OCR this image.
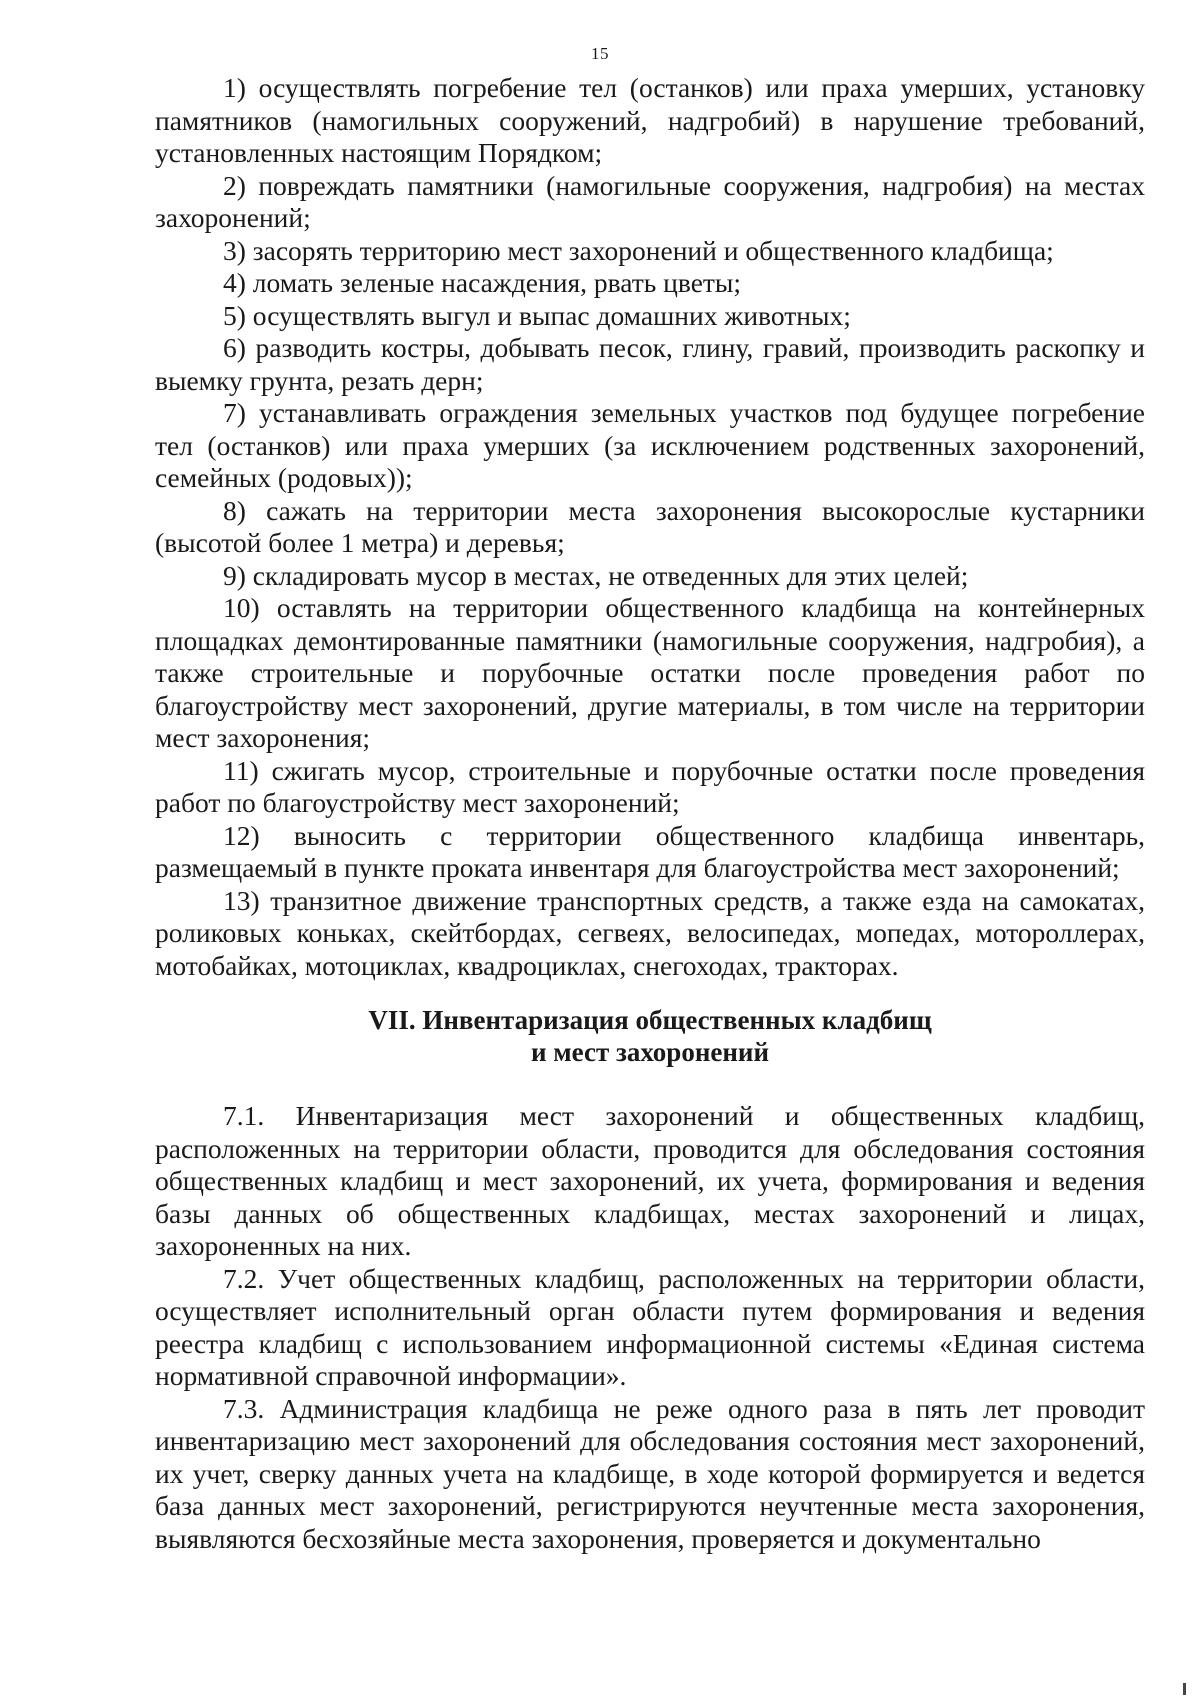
15

1) осуществлять погребение тел (останков) или праха умерших, установку памятников (намогильных сооружений, надгробий) в нарушение требований, установленных настоящим Порядком;

2) повреждать памятники (намогильные сооружения, надгробия) на местах захоронений;

3) засорять территорию мест захоронений и общественного кладбища;

4) ломать зеленые насаждения, рвать цветы;

5) осуществлять выгул и выпас домашних животных;

6) разводить костры, добывать песок, глину, гравий, производить раскопку и выемку грунта, резать дерн;

7) устанавливать ограждения земельных участков под будущее погребение тел (останков) или праха умерших (за исключением родственных захоронений, семейных (родовых));

8) сажать на территории места захоронения высокорослые кустарники (высотой более 1 метра) и деревья;

9) складировать мусор в местах, не отведенных для этих целей;

10) оставлять на территории общественного кладбища на контейнерных площадках демонтированные памятники (намогильные сооружения, надгробия), а также строительные и порубочные остатки после проведения работ по благоустройству мест захоронений, другие материалы, в том числе на территории мест захоронения;

11) сжигать мусор, строительные и порубочные остатки после проведения работ по благоустройству мест захоронений;

12) выносить с территории общественного кладбища инвентарь, размещаемый в пункте проката инвентаря для благоустройства мест захоронений;

13) транзитное движение транспортных средств, а также езда на самокатах, роликовых коньках, скейтбордах, сегвеях, велосипедах, мопедах, мотороллерах, мотобайках, мотоциклах, квадроциклах, снегоходах, тракторах.

VII. Инвентаризация общественных кладбищ
и мест захоронений

7.1. Инвентаризация мест захоронений и общественных кладбищ, расположенных на территории области, проводится для обследования состояния общественных кладбищ и мест захоронений, их учета, формирования и ведения базы данных об общественных кладбищах, местах захоронений и лицах, захороненных на них.

7.2. Учет общественных кладбищ, расположенных на территории области, осуществляет исполнительный орган области путем формирования и ведения реестра кладбищ с использованием информационной системы «Единая система нормативной справочной информации».

7.3. Администрация кладбища не реже одного раза в пять лет проводит инвентаризацию мест захоронений для обследования состояния мест захоронений, их учет, сверку данных учета на кладбище, в ходе которой формируется и ведется база данных мест захоронений, регистрируются неучтенные места захоронения, выявляются бесхозяйные места захоронения, проверяется и документально
